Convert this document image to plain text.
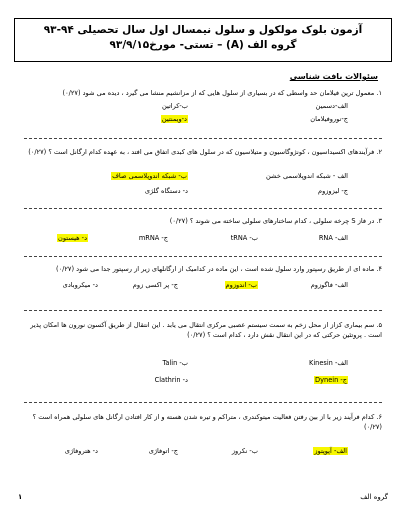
آزمون بلوک مولکول و سلول نیمسال اول سال تحصیلی ۹۴-۹۳
گروه الف (A) – تستی- مورخ۹۳/۹/۱۵
سئوالات بافت شناسی
۱. معمول ترین فیلامان حد واسطی که در بسیاری از سلول هایی که از مزانشیم منشا می گیرد ، دیده می شود (۰/۲۷)
الف-دسمین
ب-کراتین
ج-نوروفیلامان
د-ویمنتین
۲. فرآیندهای اکسیداسیون ، کونژوگاسیون و متیلاسیون که در سلول های کبدی اتفاق می افتد ، به عهده کدام ارگانل است ؟ (۰/۲۷)
الف - شبکه اندوپلاسمی خشن
ب- شبکه اندوپلاسمی صاف
ج- لیزوزوم
د- دستگاه گلژی
۳. در فاز S چرخه سلولی ، کدام ساختارهای سلولی ساخته می شوند ؟ (۰/۲۷)
الف- RNA
ب- tRNA
ج- mRNA
د- هیستون
۴. ماده ای از طریق رسپتور وارد سلول شده است ، این ماده در کدامیک از ارگانلهای زیر از رسپتور جدا می شود (۰/۲۷)
الف- فاگوزوم
ب- اندوزوم
ج- پر اکسی زوم
د- میکروبادی
۵. سم بیماری کزاز از محل زخم به سمت سیستم عصبی مرکزی انتقال می یابد . این انتقال از طریق آکسون نورون ها امکان پذیر است . پروتئین حرکتی که در این انتقال نقش دارد ، کدام است ؟ (۰/۲۷)
الف- Kinesin
ب- Talin
ج- Dynein
د- Clathrin
۶. کدام فرآیند زیر با از بین رفتن فعالیت میتوکندری ، متراکم و تیره شدن هسته و از کار افتادن ارگانل های سلولی همراه است ؟ (۰/۲۷)
الف- آپوپتوز
ب- نکروز
ج- اتوفاژی
د- هتروفاژی
۱	گروه الف
